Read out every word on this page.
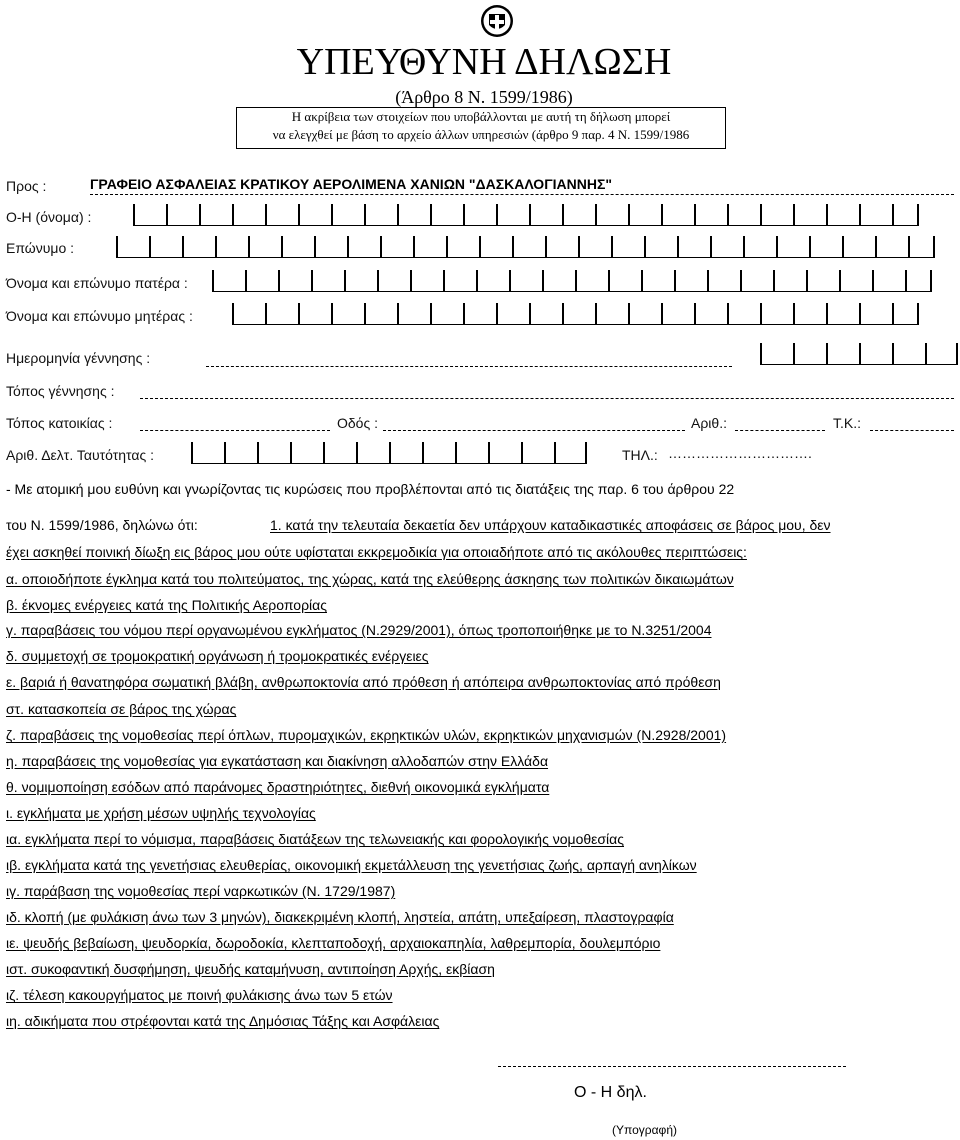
ΥΠΕΥΘΥΝΗ ΔΗΛΩΣΗ
(Άρθρο 8 Ν. 1599/1986)
Η ακρίβεια των στοιχείων που υποβάλλονται με αυτή τη δήλωση μπορεί
να ελεγχθεί με βάση το αρχείο άλλων υπηρεσιών (άρθρο 9 παρ. 4 Ν. 1599/1986
Προς :	ΓΡΑΦΕΙΟ ΑΣΦΑΛΕΙΑΣ ΚΡΑΤΙΚΟΥ ΑΕΡΟΛΙΜΕΝΑ ΧΑΝΙΩΝ "ΔΑΣΚΑΛΟΓΙΑΝΝΗΣ"
Ο-Η (όνομα) :
Επώνυμο :
Όνομα και επώνυμο πατέρα :
Όνομα και επώνυμο μητέρας :
Ημερομηνία γέννησης :
Τόπος γέννησης :
Τόπος κατοικίας :	Οδός :	Αριθ.:	Τ.Κ.:
Αριθ. Δελτ. Ταυτότητας :	ΤΗΛ.: ………………………….
- Με ατομική μου ευθύνη και γνωρίζοντας τις κυρώσεις που προβλέπονται από τις διατάξεις της παρ. 6 του άρθρου 22
του Ν. 1599/1986, δηλώνω ότι:	1. κατά την τελευταία δεκαετία δεν υπάρχουν καταδικαστικές αποφάσεις σε βάρος μου, δεν
έχει ασκηθεί ποινική δίωξη εις βάρος μου ούτε υφίσταται εκκρεμοδικία για οποιαδήποτε από τις ακόλουθες περιπτώσεις:
α. οποιοδήποτε έγκλημα κατά του πολιτεύματος, της χώρας, κατά της ελεύθερης άσκησης των πολιτικών δικαιωμάτων
β. έκνομες ενέργειες κατά της Πολιτικής Αεροπορίας
γ. παραβάσεις του νόμου περί οργανωμένου εγκλήματος (Ν.2929/2001), όπως τροποποιήθηκε με το Ν.3251/2004
δ. συμμετοχή σε τρομοκρατική οργάνωση ή τρομοκρατικές ενέργειες
ε. βαριά ή θανατηφόρα σωματική βλάβη, ανθρωποκτονία από πρόθεση ή απόπειρα ανθρωποκτονίας από πρόθεση
στ. κατασκοπεία σε βάρος της χώρας
ζ. παραβάσεις της νομοθεσίας περί όπλων, πυρομαχικών, εκρηκτικών υλών, εκρηκτικών μηχανισμών (Ν.2928/2001)
η. παραβάσεις της νομοθεσίας για εγκατάσταση και διακίνηση αλλοδαπών στην Ελλάδα
θ. νομιμοποίηση εσόδων από παράνομες δραστηριότητες, διεθνή οικονομικά εγκλήματα
ι. εγκλήματα με χρήση μέσων υψηλής τεχνολογίας
ια. εγκλήματα περί το νόμισμα, παραβάσεις διατάξεων της τελωνειακής και φορολογικής νομοθεσίας
ιβ. εγκλήματα κατά της γενετήσιας ελευθερίας, οικονομική εκμετάλλευση της γενετήσιας ζωής, αρπαγή ανηλίκων
ιγ. παράβαση της νομοθεσίας περί ναρκωτικών (Ν. 1729/1987)
ιδ. κλοπή (με φυλάκιση άνω των 3 μηνών), διακεκριμένη κλοπή, ληστεία, απάτη, υπεξαίρεση, πλαστογραφία
ιε. ψευδής βεβαίωση, ψευδορκία, δωροδοκία, κλεπταποδοχή, αρχαιοκαπηλία, λαθρεμπορία, δουλεμπόριο
ιστ. συκοφαντική δυσφήμηση, ψευδής καταμήνυση, αντιποίηση Αρχής, εκβίαση
ιζ. τέλεση κακουργήματος με ποινή φυλάκισης άνω των 5 ετών
ιη. αδικήματα που στρέφονται κατά της Δημόσιας Τάξης και Ασφάλειας
Ο - Η δηλ.
(Υπογραφή)
